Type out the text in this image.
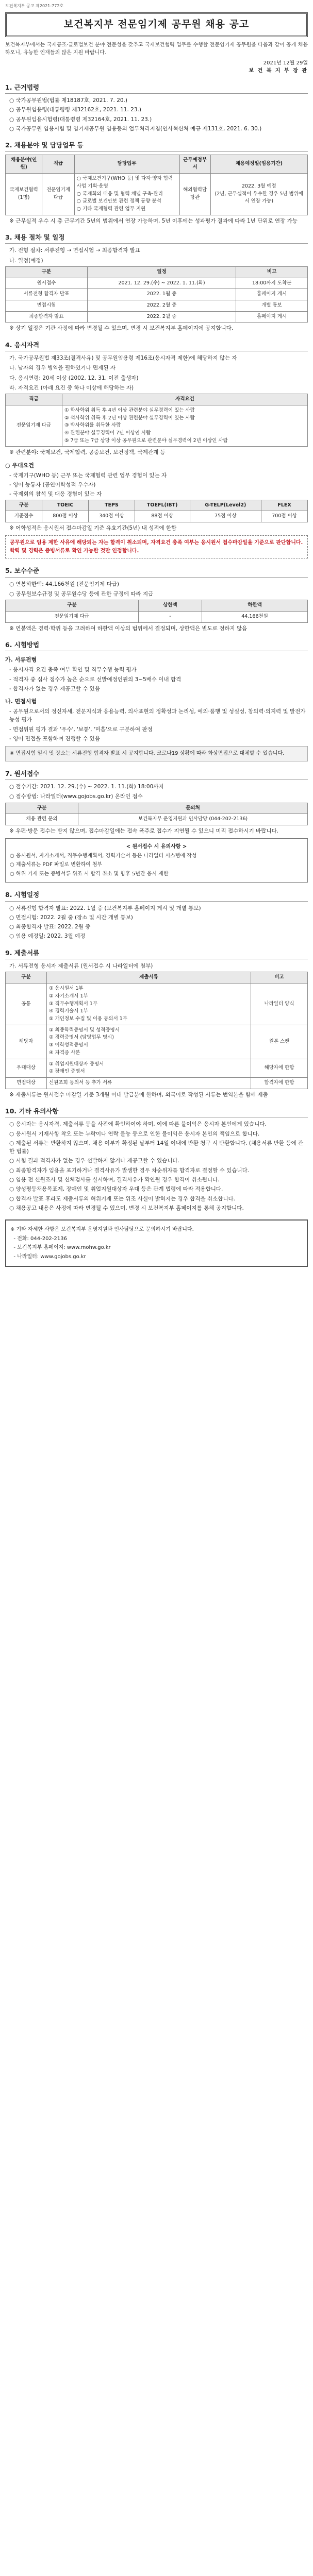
보건복지부 공고 제2021-772호
보건복지부 전문임기제 공무원 채용 공고
보건복지부에서는 국제공조·글로벌보건 분야 전문성을 갖추고 국제보건협력 업무를 수행할 전문임기제 공무원을 다음과 같이 공개 채용하오니, 유능한 인재들의 많은 지원 바랍니다.
2021년 12월 29일
보 건 복 지 부 장 관
1. 근거법령
○ 국가공무원법(법률 제18187호, 2021. 7. 20.)
○ 공무원임용령(대통령령 제32162호, 2021. 11. 23.)
○ 공무원임용시험령(대통령령 제32164호, 2021. 11. 23.)
○ 국가공무원 임용시험 및 임기제공무원 임용등의 업무처리지침(인사혁신처 예규 제131호, 2021. 6. 30.)
2. 채용분야 및 담당업무 등
채용분야(인원)	직급	담당업무	근무예정부서	채용예정일(임용기간)
국제보건협력(1명)	전문임기제 다급	○ 국제보건기구(WHO 등) 및 다자·양자 협력사업 기획·운영
○ 국제회의 대응 및 협력 채널 구축·관리
○ 글로벌 보건안보 관련 정책 동향 분석
○ 기타 국제협력 관련 업무 지원	해외협력담당관	2022. 3월 예정
(2년, 근무실적이 우수한 경우 5년 범위에서 연장 가능)
※ 근무실적 우수 시 총 근무기간 5년의 범위에서 연장 가능하며, 5년 이후에는 성과평가 결과에 따라 1년 단위로 연장 가능
3. 채용 절차 및 일정
가. 전형 절차: 서류전형 → 면접시험 → 최종합격자 발표
나. 일정(예정)
구분	일정	비고
원서접수	2021. 12. 29.(수) ~ 2022. 1. 11.(화)	18:00까지 도착분
서류전형 합격자 발표	2022. 1월 중	홈페이지 게시
면접시험	2022. 2월 중	개별 통보
최종합격자 발표	2022. 2월 중	홈페이지 게시
※ 상기 일정은 기관 사정에 따라 변경될 수 있으며, 변경 시 보건복지부 홈페이지에 공지합니다.
4. 응시자격
가. 국가공무원법 제33조(결격사유) 및 공무원임용령 제16조(응시자격 제한)에 해당하지 않는 자
나. 남자의 경우 병역을 필하였거나 면제된 자
다. 응시연령: 20세 이상 (2002. 12. 31. 이전 출생자)
라. 자격요건 (아래 요건 중 하나 이상에 해당하는 자)
직급	자격요건
전문임기제 다급	① 학사학위 취득 후 4년 이상 관련분야 실무경력이 있는 사람
② 석사학위 취득 후 2년 이상 관련분야 실무경력이 있는 사람
③ 박사학위를 취득한 사람
④ 관련분야 실무경력이 7년 이상인 사람
⑤ 7급 또는 7급 상당 이상 공무원으로 관련분야 실무경력이 2년 이상인 사람
※ 관련분야: 국제보건, 국제협력, 공중보건, 보건정책, 국제관계 등
○ 우대요건
- 국제기구(WHO 등) 근무 또는 국제협력 관련 업무 경험이 있는 자
- 영어 능통자 (공인어학성적 우수자)
- 국제회의 참석 및 대응 경험이 있는 자
구분	TOEIC	TEPS	TOEFL(IBT)	G-TELP(Level2)	FLEX
기준점수	800점 이상	340점 이상	88점 이상	75점 이상	700점 이상
※ 어학성적은 응시원서 접수마감일 기준 유효기간(5년) 내 성적에 한함
공무원으로 임용 제한 사유에 해당되는 자는 합격이 취소되며, 자격요건 충족 여부는 응시원서 접수마감일을 기준으로 판단합니다. 학력 및 경력은 증빙서류로 확인 가능한 것만 인정합니다.
5. 보수수준
○ 연봉하한액: 44,166천원 (전문임기제 다급)
○ 공무원보수규정 및 공무원수당 등에 관한 규정에 따라 지급
구분	상한액	하한액
전문임기제 다급	-	44,166천원
※ 연봉액은 경력·학위 등을 고려하여 하한액 이상의 범위에서 결정되며, 상한액은 별도로 정하지 않음
6. 시험방법
가. 서류전형
- 응시자격 요건 충족 여부 확인 및 직무수행 능력 평가
- 적격자 중 심사 점수가 높은 순으로 선발예정인원의 3~5배수 이내 합격
- 합격자가 없는 경우 재공고할 수 있음
나. 면접시험
- 공무원으로서의 정신자세, 전문지식과 응용능력, 의사표현의 정확성과 논리성, 예의·품행 및 성실성, 창의력·의지력 및 발전가능성 평가
- 면접위원 평가 결과 '우수', '보통', '미흡'으로 구분하여 판정
- 영어 면접을 포함하여 진행할 수 있음
※ 면접시험 일시 및 장소는 서류전형 합격자 발표 시 공지합니다. 코로나19 상황에 따라 화상면접으로 대체할 수 있습니다.
7. 원서접수
○ 접수기간: 2021. 12. 29.(수) ~ 2022. 1. 11.(화) 18:00까지
○ 접수방법: 나라일터(www.gojobs.go.kr) 온라인 접수
구분	문의처
채용 관련 문의	보건복지부 운영지원과 인사담당 (044-202-2136)
※ 우편·방문 접수는 받지 않으며, 접수마감일에는 접속 폭주로 접수가 지연될 수 있으니 미리 접수하시기 바랍니다.

< 원서접수 시 유의사항 >

○ 응시원서, 자기소개서, 직무수행계획서, 경력기술서 등은 나라일터 시스템에 작성

○ 제출서류는 PDF 파일로 변환하여 첨부

○ 허위 기재 또는 증빙서류 위조 시 합격 취소 및 향후 5년간 응시 제한

8. 시험일정
○ 서류전형 합격자 발표: 2022. 1월 중 (보건복지부 홈페이지 게시 및 개별 통보)
○ 면접시험: 2022. 2월 중 (장소 및 시간 개별 통보)
○ 최종합격자 발표: 2022. 2월 중
○ 임용 예정일: 2022. 3월 예정
9. 제출서류
가. 서류전형 응시자 제출서류 (원서접수 시 나라일터에 첨부)
구분	제출서류	비고
공통	① 응시원서 1부
② 자기소개서 1부
③ 직무수행계획서 1부
④ 경력기술서 1부
⑤ 개인정보 수집 및 이용 동의서 1부	나라일터 양식
해당자	① 최종학력증명서 및 성적증명서
② 경력증명서 (담당업무 명시)
③ 어학성적증명서
④ 자격증 사본	원본 스캔
우대대상	① 취업지원대상자 증명서
② 장애인 증명서	해당자에 한함
면접대상	신원조회 동의서 등 추가 서류	합격자에 한함
※ 제출서류는 원서접수 마감일 기준 3개월 이내 발급분에 한하며, 외국어로 작성된 서류는 번역본을 함께 제출
10. 기타 유의사항
○ 응시자는 응시자격, 제출서류 등을 사전에 확인하여야 하며, 이에 따른 불이익은 응시자 본인에게 있습니다.
○ 응시원서 기재사항 착오 또는 누락이나 연락 불능 등으로 인한 불이익은 응시자 본인의 책임으로 합니다.
○ 제출된 서류는 반환하지 않으며, 채용 여부가 확정된 날부터 14일 이내에 반환 청구 시 반환합니다. (채용서류 반환 등에 관한 법률)
○ 시험 결과 적격자가 없는 경우 선발하지 않거나 재공고할 수 있습니다.
○ 최종합격자가 임용을 포기하거나 결격사유가 발생한 경우 차순위자를 합격자로 결정할 수 있습니다.
○ 임용 전 신원조사 및 신체검사를 실시하며, 결격사유가 확인될 경우 합격이 취소됩니다.
○ 양성평등채용목표제, 장애인 및 취업지원대상자 우대 등은 관계 법령에 따라 적용합니다.
○ 합격자 발표 후라도 제출서류의 허위기재 또는 위조 사실이 밝혀지는 경우 합격을 취소합니다.
○ 채용공고 내용은 사정에 따라 변경될 수 있으며, 변경 시 보건복지부 홈페이지를 통해 공지합니다.

※ 기타 자세한 사항은 보건복지부 운영지원과 인사담당으로 문의하시기 바랍니다.

- 전화: 044-202-2136

- 보건복지부 홈페이지: www.mohw.go.kr

- 나라일터: www.gojobs.go.kr
